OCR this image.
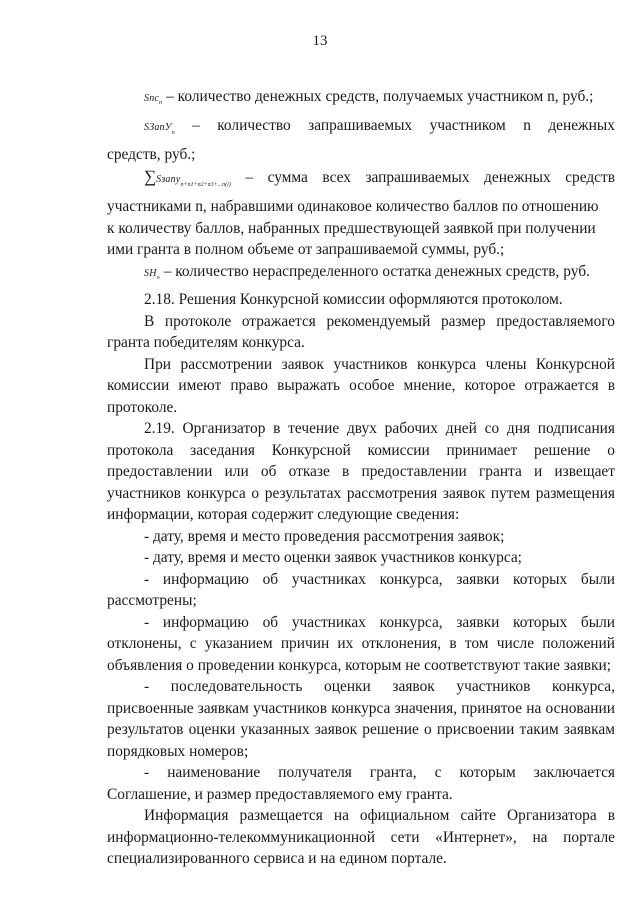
13

Sпс$_n$ – количество денежных средств, получаемых участником n, руб.;

SЗапУ$_n$ – количество запрашиваемых участником n денежных

средств, руб.;

∑Sзапу$_{n+n1+n2+n3+...n(i)}$ – сумма всех запрашиваемых денежных средств

участниками n, набравшими одинаковое количество баллов по отношению

к количеству баллов, набранных предшествующей заявкой при получении

ими гранта в полном объеме от запрашиваемой суммы, руб.;

$SН_o$ – количество нераспределенного остатка денежных средств, руб.

2.18. Решения Конкурсной комиссии оформляются протоколом.

В протоколе отражается рекомендуемый размер предоставляемого гранта победителям конкурса.

При рассмотрении заявок участников конкурса члены Конкурсной комиссии имеют право выражать особое мнение, которое отражается в протоколе.

2.19. Организатор в течение двух рабочих дней со дня подписания протокола заседания Конкурсной комиссии принимает решение о предоставлении или об отказе в предоставлении гранта и извещает участников конкурса о результатах рассмотрения заявок путем размещения информации, которая содержит следующие сведения:

- дату, время и место проведения рассмотрения заявок;

- дату, время и место оценки заявок участников конкурса;

- информацию об участниках конкурса, заявки которых были рассмотрены;

- информацию об участниках конкурса, заявки которых были отклонены, с указанием причин их отклонения, в том числе положений объявления о проведении конкурса, которым не соответствуют такие заявки;

- последовательность оценки заявок участников конкурса, присвоенные заявкам участников конкурса значения, принятое на основании результатов оценки указанных заявок решение о присвоении таким заявкам порядковых номеров;

- наименование получателя гранта, с которым заключается Соглашение, и размер предоставляемого ему гранта.

Информация размещается на официальном сайте Организатора в информационно-телекоммуникационной сети «Интернет», на портале специализированного сервиса и на едином портале.
